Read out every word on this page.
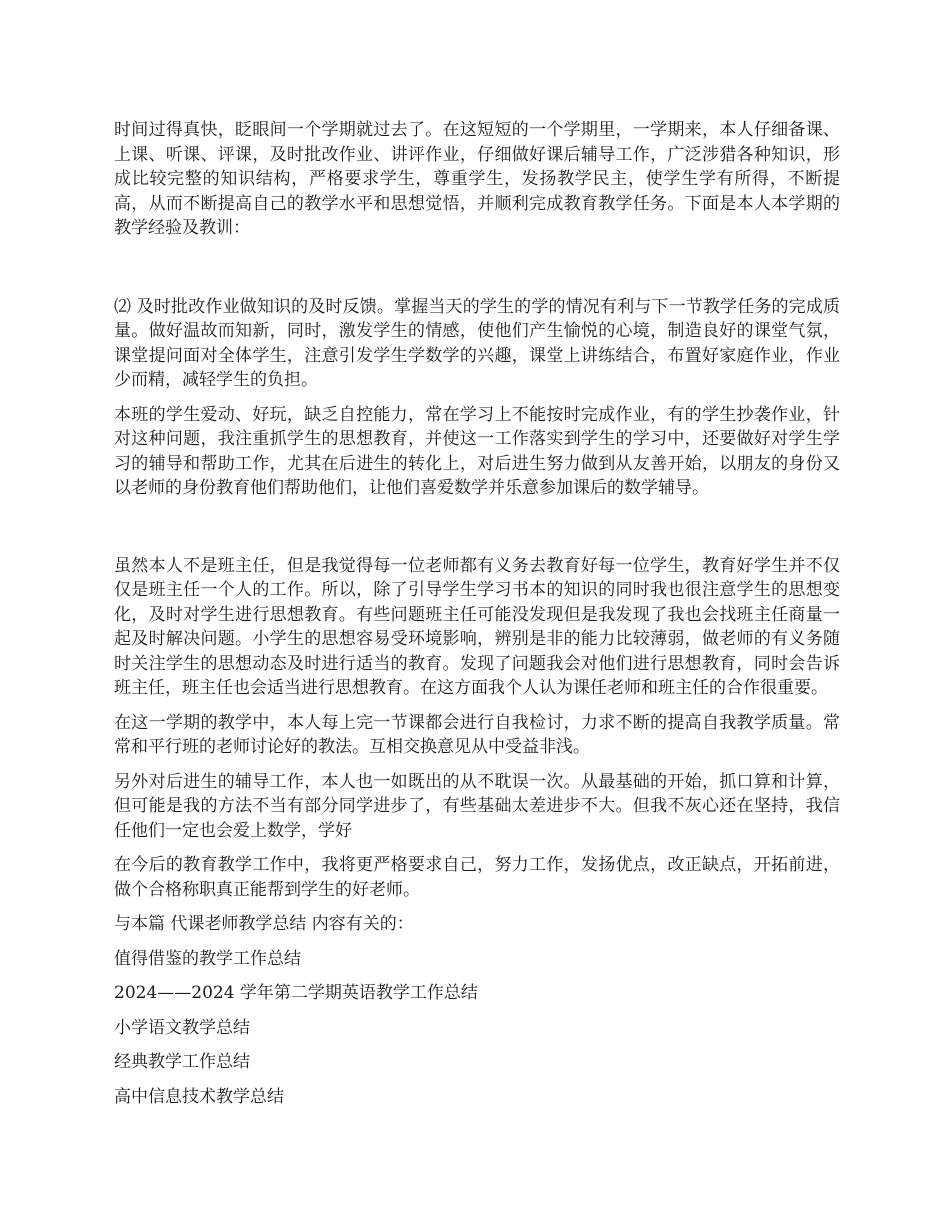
时间过得真快，眨眼间一个学期就过去了。在这短短的一个学期里，一学期来，本人仔细备课、上课、听课、评课，及时批改作业、讲评作业，仔细做好课后辅导工作，广泛涉猎各种知识，形成比较完整的知识结构，严格要求学生，尊重学生，发扬教学民主，使学生学有所得，不断提高，从而不断提高自己的教学水平和思想觉悟，并顺利完成教育教学任务。下面是本人本学期的教学经验及教训：

⑵ 及时批改作业做知识的及时反馈。掌握当天的学生的学的情况有利与下一节教学任务的完成质量。做好温故而知新，同时，激发学生的情感，使他们产生愉悦的心境，制造良好的课堂气氛，课堂提问面对全体学生，注意引发学生学数学的兴趣，课堂上讲练结合，布置好家庭作业，作业少而精，减轻学生的负担。

本班的学生爱动、好玩，缺乏自控能力，常在学习上不能按时完成作业，有的学生抄袭作业，针对这种问题，我注重抓学生的思想教育，并使这一工作落实到学生的学习中，还要做好对学生学习的辅导和帮助工作，尤其在后进生的转化上，对后进生努力做到从友善开始，以朋友的身份又以老师的身份教育他们帮助他们，让他们喜爱数学并乐意参加课后的数学辅导。

虽然本人不是班主任，但是我觉得每一位老师都有义务去教育好每一位学生，教育好学生并不仅仅是班主任一个人的工作。所以，除了引导学生学习书本的知识的同时我也很注意学生的思想变化，及时对学生进行思想教育。有些问题班主任可能没发现但是我发现了我也会找班主任商量一起及时解决问题。小学生的思想容易受环境影响，辨别是非的能力比较薄弱，做老师的有义务随时关注学生的思想动态及时进行适当的教育。发现了问题我会对他们进行思想教育，同时会告诉班主任，班主任也会适当进行思想教育。在这方面我个人认为课任老师和班主任的合作很重要。

在这一学期的教学中，本人每上完一节课都会进行自我检讨，力求不断的提高自我教学质量。常常和平行班的老师讨论好的教法。互相交换意见从中受益非浅。

另外对后进生的辅导工作，本人也一如既出的从不耽误一次。从最基础的开始，抓口算和计算，但可能是我的方法不当有部分同学进步了，有些基础太差进步不大。但我不灰心还在坚持，我信任他们一定也会爱上数学，学好

在今后的教育教学工作中，我将更严格要求自己，努力工作，发扬优点，改正缺点，开拓前进，做个合格称职真正能帮到学生的好老师。

与本篇 代课老师教学总结 内容有关的：
值得借鉴的教学工作总结
2024——2024 学年第二学期英语教学工作总结
小学语文教学总结
经典教学工作总结
高中信息技术教学总结
